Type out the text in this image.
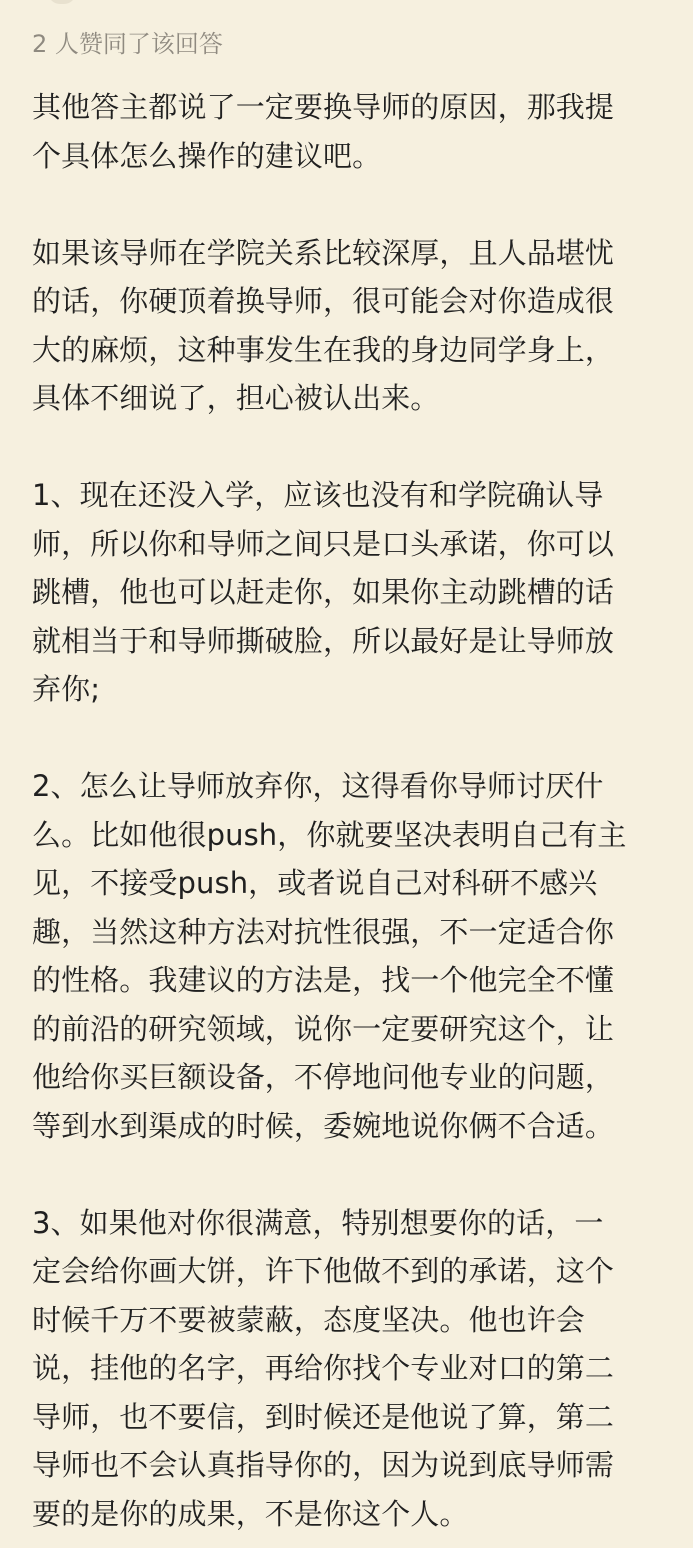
2 人赞同了该回答

其他答主都说了一定要换导师的原因，那我提
个具体怎么操作的建议吧。

如果该导师在学院关系比较深厚，且人品堪忧
的话，你硬顶着换导师，很可能会对你造成很
大的麻烦，这种事发生在我的身边同学身上，
具体不细说了，担心被认出来。

1、现在还没入学，应该也没有和学院确认导
师，所以你和导师之间只是口头承诺，你可以
跳槽，他也可以赶走你，如果你主动跳槽的话
就相当于和导师撕破脸，所以最好是让导师放
弃你;

2、怎么让导师放弃你，这得看你导师讨厌什
么。比如他很push，你就要坚决表明自己有主
见，不接受push，或者说自己对科研不感兴
趣，当然这种方法对抗性很强，不一定适合你
的性格。我建议的方法是，找一个他完全不懂
的前沿的研究领域，说你一定要研究这个，让
他给你买巨额设备，不停地问他专业的问题，
等到水到渠成的时候，委婉地说你俩不合适。

3、如果他对你很满意，特别想要你的话，一
定会给你画大饼，许下他做不到的承诺，这个
时候千万不要被蒙蔽，态度坚决。他也许会
说，挂他的名字，再给你找个专业对口的第二
导师，也不要信，到时候还是他说了算，第二
导师也不会认真指导你的，因为说到底导师需
要的是你的成果，不是你这个人。
